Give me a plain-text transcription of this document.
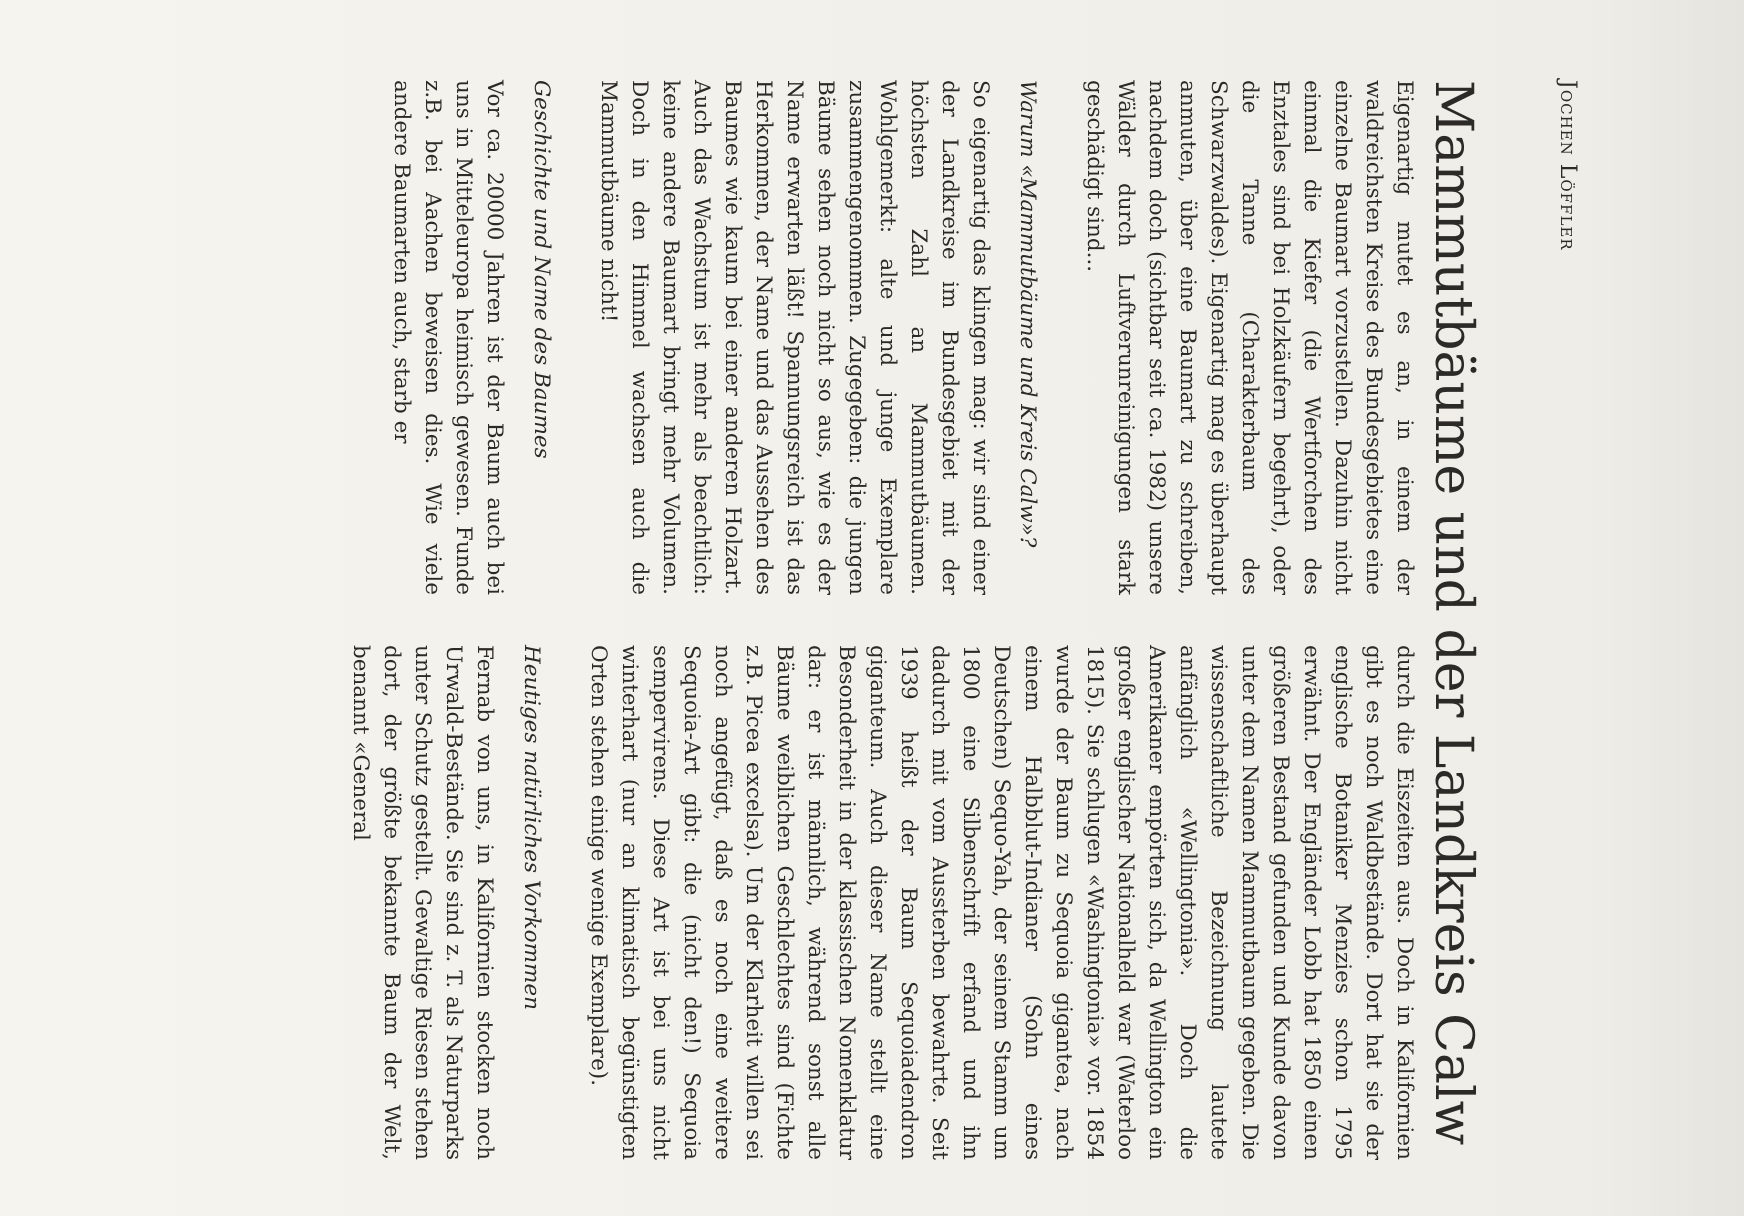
Jochen Löffler
Mammutbäume und der Landkreis Calw

Eigenartig mutet es an, in einem der waldreichsten Kreise des Bundesgebietes eine einzelne Baumart vorzustellen. Dazuhin nicht einmal die Kiefer (die Wertforchen des Enztales sind bei Holzkäufern begehrt), oder die Tanne (Charakterbaum des Schwarzwaldes). Eigenartig mag es überhaupt anmuten, über eine Baumart zu schreiben, nachdem doch (sichtbar seit ca. 1982) unsere Wälder durch Luftverunreinigungen stark geschädigt sind...

Warum «Mammutbäume und Kreis Calw»?

So eigenartig das klingen mag: wir sind einer der Landkreise im Bundesgebiet mit der höchsten Zahl an Mammutbäumen. Wohlgemerkt: alte und junge Exemplare zusammengenommen. Zugegeben: die jungen Bäume sehen noch nicht so aus, wie es der Name erwarten läßt! Spannungsreich ist das Herkommen, der Name und das Aussehen des Baumes wie kaum bei einer anderen Holzart. Auch das Wachstum ist mehr als beachtlich: keine andere Baumart bringt mehr Volumen. Doch in den Himmel wachsen auch die Mammutbäume nicht!

Geschichte und Name des Baumes

Vor ca. 20000 Jahren ist der Baum auch bei uns in Mitteleuropa heimisch gewesen. Funde z.B. bei Aachen beweisen dies. Wie viele andere Baumarten auch, starb er

durch die Eiszeiten aus. Doch in Kalifornien gibt es noch Waldbestände. Dort hat sie der englische Botaniker Menzies schon 1795 erwähnt. Der Engländer Lobb hat 1850 einen größeren Bestand gefunden und Kunde davon unter dem Namen Mammutbaum gegeben. Die wissenschaftliche Bezeichnung lautete anfänglich «Wellingtonia». Doch die Amerikaner empörten sich, da Wellington ein großer englischer Nationalheld war (Waterloo 1815). Sie schlugen «Washingtonia» vor. 1854 wurde der Baum zu Sequoia gigantea, nach einem Halbblut-Indianer (Sohn eines Deutschen) Sequo-Yah, der seinem Stamm um 1800 eine Silbenschrift erfand und ihn dadurch mit vom Aussterben bewahrte. Seit 1939 heißt der Baum Sequoiadendron giganteum. Auch dieser Name stellt eine Besonderheit in der klassischen Nomenklatur dar: er ist männlich, während sonst alle Bäume weiblichen Geschlechtes sind (Fichte z.B. Picea excelsa). Um der Klarheit willen sei noch angefügt, daß es noch eine weitere Sequoia-Art gibt: die (nicht den!) Sequoia sempervirens. Diese Art ist bei uns nicht winterhart (nur an klimatisch begünstigten Orten stehen einige wenige Exemplare).

Heutiges natürliches Vorkommen

Fernab von uns, in Kalifornien stocken noch Urwald-Bestände. Sie sind z. T. als Naturparks unter Schutz gestellt. Gewaltige Riesen stehen dort, der größte bekannte Baum der Welt, benannt «General
